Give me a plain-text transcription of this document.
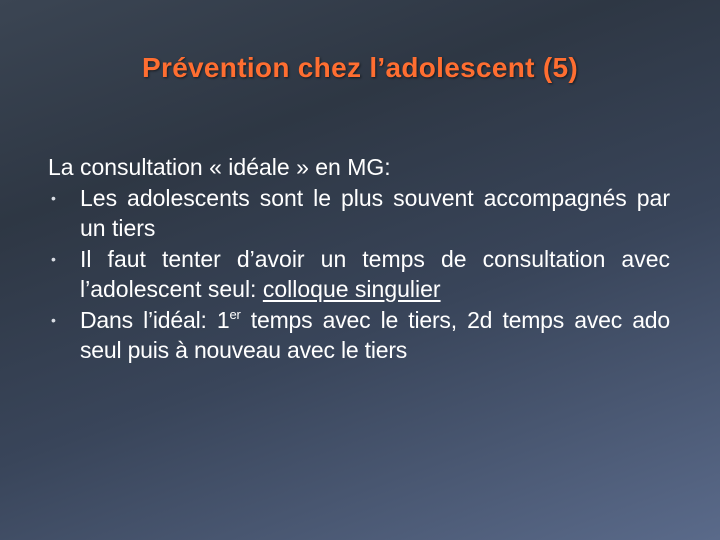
Prévention chez l’adolescent (5)

La consultation « idéale » en MG:

• Les adolescents sont le plus souvent accompagnés par un tiers
• Il faut tenter d’avoir un temps de consultation avec l’adolescent seul: colloque singulier
• Dans l’idéal: 1er temps avec le tiers, 2d temps avec ado seul puis à nouveau avec le tiers
